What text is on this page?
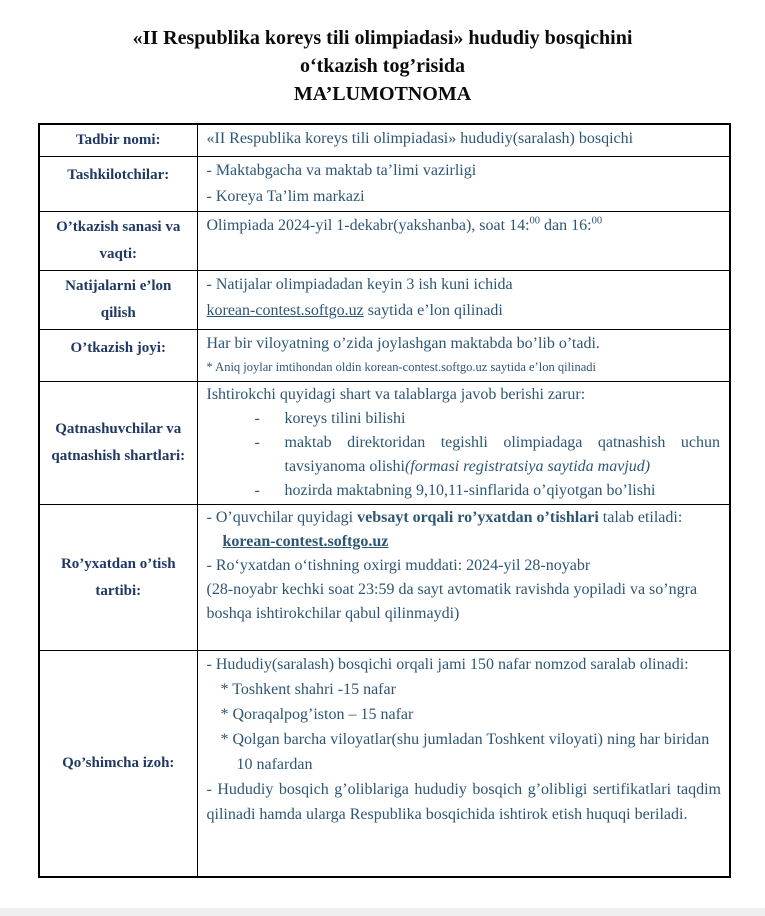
«II Respublika koreys tili olimpiadasi» hududiy bosqichini
o‘tkazish tog’risida
MA’LUMOTNOMA
Tadbir nomi:	«II Respublika koreys tili olimpiadasi» hududiy(saralash) bosqichi
Tashkilotchilar:	- Maktabgacha va maktab ta’limi vazirligi
- Koreya Ta’lim markazi

O’tkazish sanasi va vaqti:	Olimpiada 2024-yil 1-dekabr(yakshanba), soat 14:$^{00}$ dan 16:$^{00}$
Natijalarni e’lon qilish	- Natijalar olimpiadadan keyin 3 ish kuni ichida
korean-contest.softgo.uz saytida e’lon qilinadi

O’tkazish joyi:	Har bir viloyatning o’zida joylashgan maktabda bo’lib o’tadi.
* Aniq joylar imtihondan oldin korean-contest.softgo.uz saytida e’lon qilinadi

Qatnashuvchilar va qatnashish shartlari:	
Ishtirokchi quyidagi shart va talablarga javob berishi zarur:
-	koreys tilini bilishi
-	maktab direktoridan tegishli olimpiadaga qatnashish uchun tavsiyanoma olishi(formasi registratsiya saytida mavjud)
-	hozirda maktabning 9,10,11-sinflarida o’qiyotgan bo’lishi

Ro’yxatdan o’tish tartibi:	- O’quvchilar quyidagi vebsayt orqali ro’yxatdan o’tishlari talab etiladi:
korean-contest.softgo.uz
- Ro‘yxatdan o‘tishning oxirgi muddati: 2024-yil 28-noyabr
(28-noyabr kechki soat 23:59 da sayt avtomatik ravishda yopiladi va so’ngra boshqa ishtirokchilar qabul qilinmaydi)

Qo’shimcha izoh:	- Hududiy(saralash) bosqichi orqali jami 150 nafar nomzod saralab olinadi:
* Toshkent shahri -15 nafar
* Qoraqalpog’iston – 15 nafar
* Qolgan barcha viloyatlar(shu jumladan Toshkent viloyati) ning har biridan 10 nafardan
- Hududiy bosqich g’oliblariga hududiy bosqich g’olibligi sertifikatlari taqdim qilinadi hamda ularga Respublika bosqichida ishtirok etish huquqi beriladi.
